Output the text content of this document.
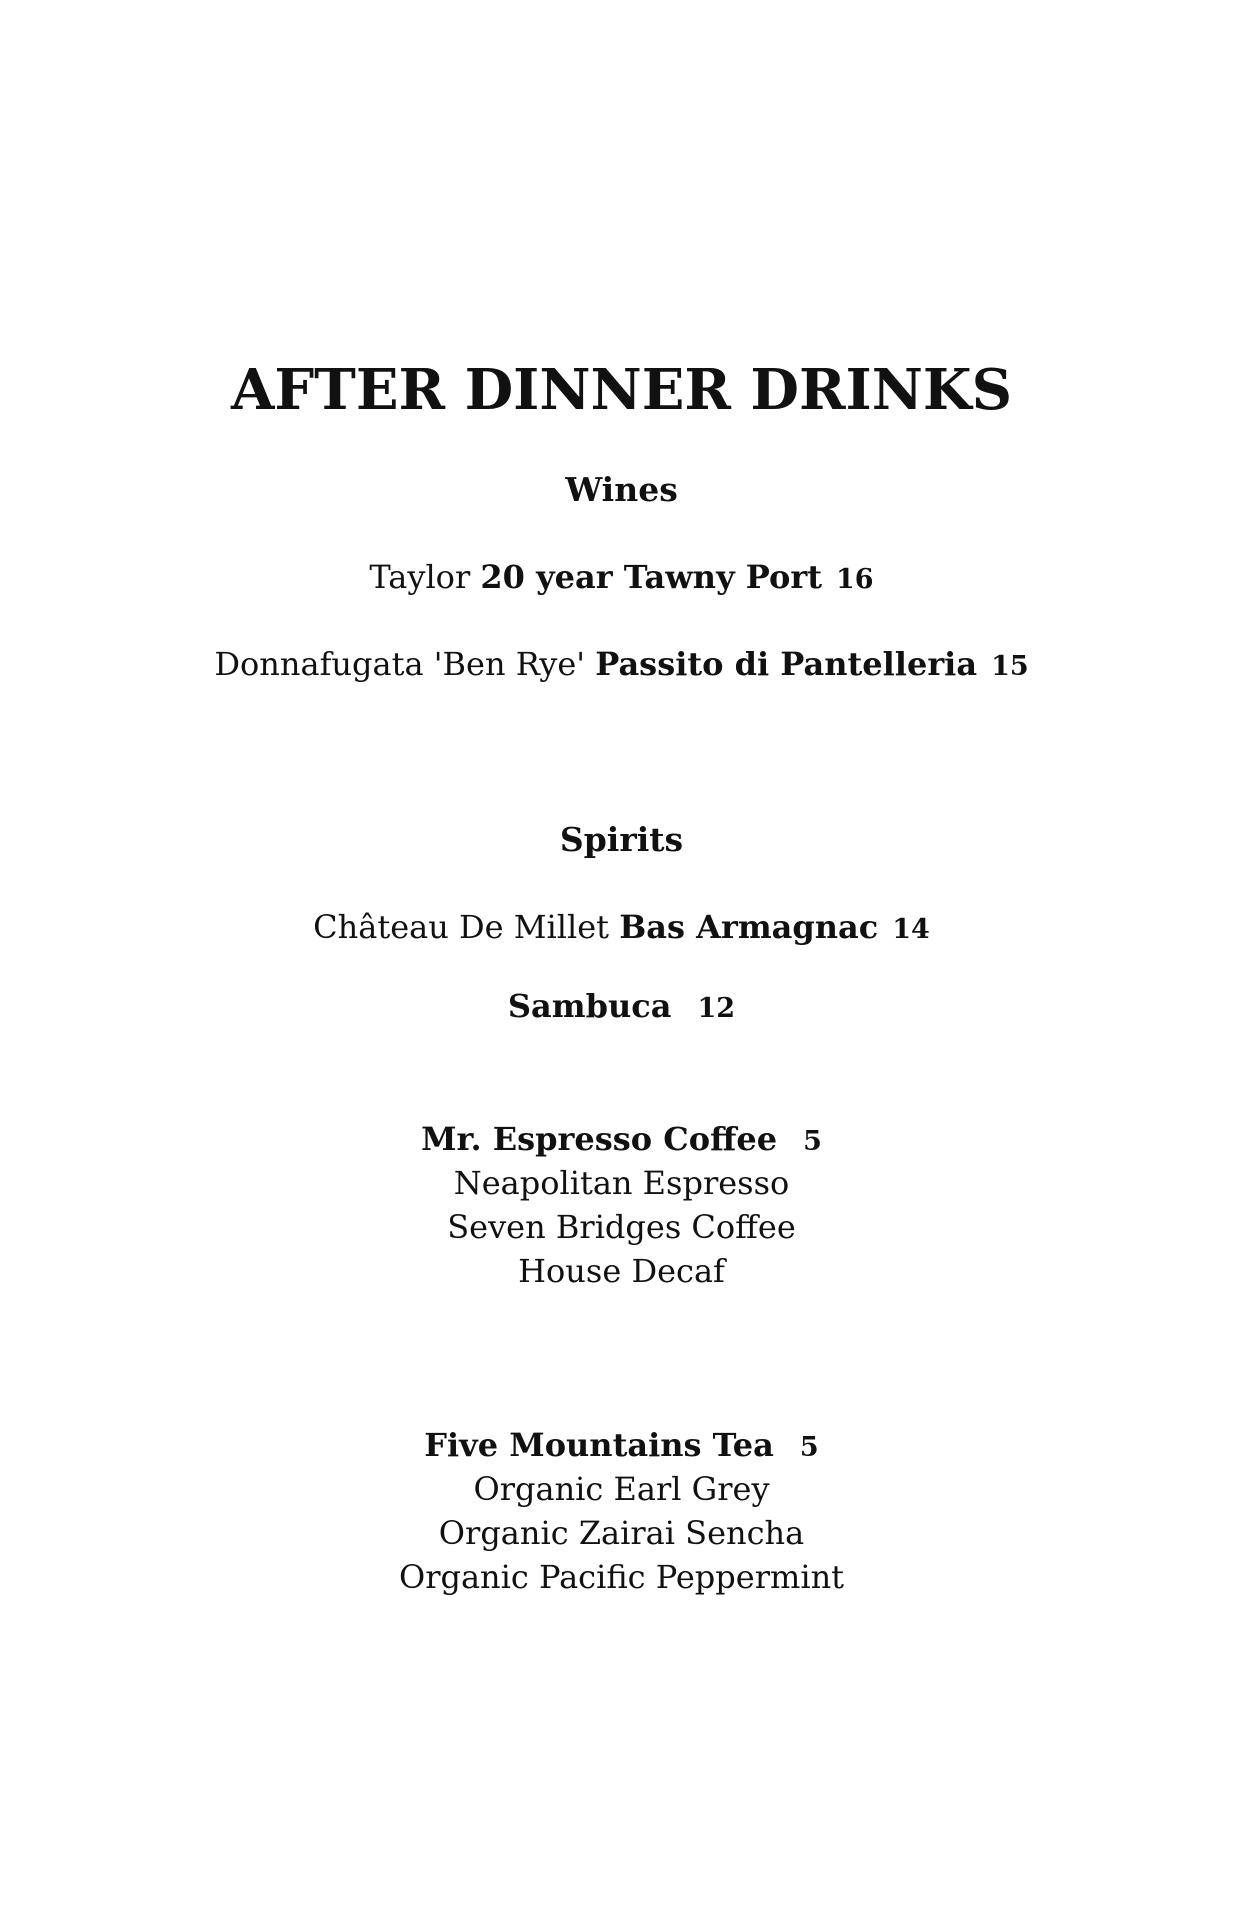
AFTER DINNER DRINKS
Wines
Taylor 20 year Tawny Port 16
Donnafugata 'Ben Rye' Passito di Pantelleria 15
Spirits
Château De Millet Bas Armagnac 14
Sambuca 12
Mr. Espresso Coffee 5
Neapolitan Espresso
Seven Bridges Coffee
House Decaf
Five Mountains Tea 5
Organic Earl Grey
Organic Zairai Sencha
Organic Pacific Peppermint
